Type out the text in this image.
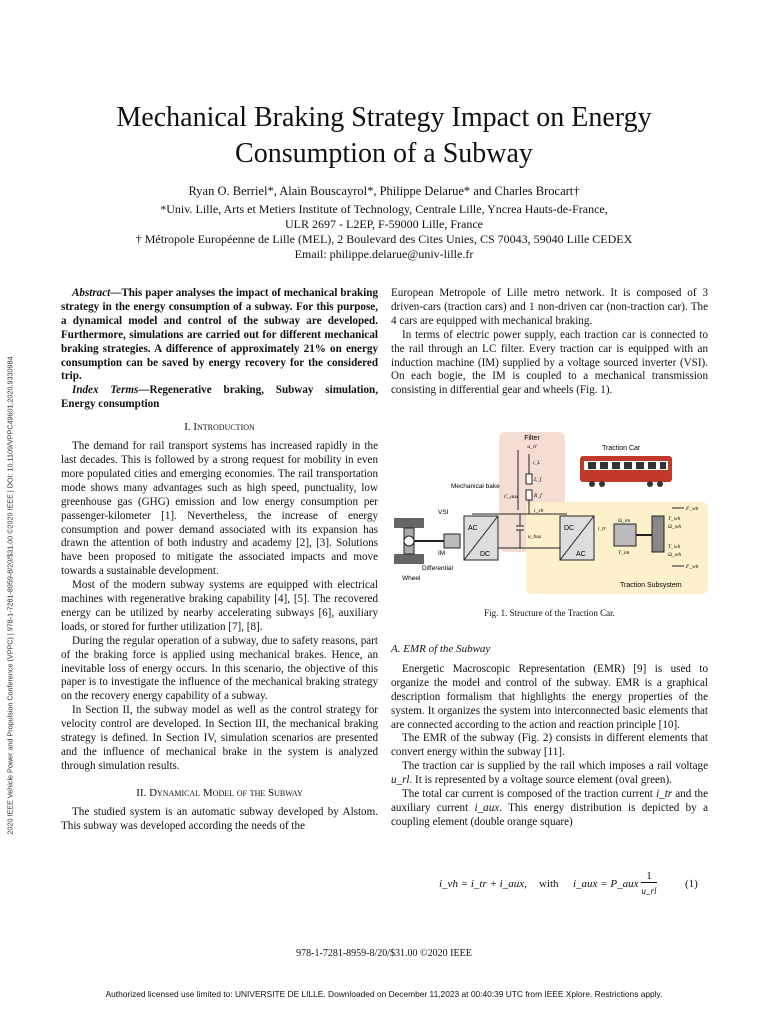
2020 IEEE Vehicle Power and Propulsion Conference (VPPC) | 978-1-7281-8959-8/20/$31.00 ©2020 IEEE | DOI: 10.1109/VPPC49601.2020.9330984
Mechanical Braking Strategy Impact on Energy
Consumption of a Subway
Ryan O. Berriel*, Alain Bouscayrol*, Philippe Delarue* and Charles Brocart†
*Univ. Lille, Arts et Metiers Institute of Technology, Centrale Lille, Yncrea Hauts-de-France,
ULR 2697 - L2EP, F-59000 Lille, France
† Métropole Européenne de Lille (MEL), 2 Boulevard des Cites Unies, CS 70043, 59040 Lille CEDEX
Email: philippe.delarue@univ-lille.fr

Abstract—This paper analyses the impact of mechanical braking strategy in the energy consumption of a subway. For this purpose, a dynamical model and control of the subway are developed. Furthermore, simulations are carried out for different mechanical braking strategies. A difference of approximately 21% on energy consumption can be saved by energy recovery for the considered trip.

Index Terms—Regenerative braking, Subway simulation, Energy consumption

I. Introduction

The demand for rail transport systems has increased rapidly in the last decades. This is followed by a strong request for mobility in even more populated cities and emerging economies. The rail transportation mode shows many advantages such as high speed, punctuality, low greenhouse gas (GHG) emission and low energy consumption per passenger-kilometer [1]. Nevertheless, the increase of energy consumption and power demand associated with its expansion has drawn the attention of both industry and academy [2], [3]. Solutions have been proposed to mitigate the associated impacts and move towards a sustainable development.

Most of the modern subway systems are equipped with electrical machines with regenerative braking capability [4], [5]. The recovered energy can be utilized by nearby accelerating subways [6], auxiliary loads, or stored for further utilization [7], [8].

During the regular operation of a subway, due to safety reasons, part of the braking force is applied using mechanical brakes. Hence, an inevitable loss of energy occurs. In this scenario, the objective of this paper is to investigate the influence of the mechanical braking strategy on the recovery energy capability of a subway.

In Section II, the subway model as well as the control strategy for velocity control are developed. In Section III, the mechanical braking strategy is defined. In Section IV, simulation scenarios are presented and the influence of mechanical brake in the system is analyzed through simulation results.

II. Dynamical Model of the Subway

The studied system is an automatic subway developed by Alstom. This subway was developed according the needs of the

European Metropole of Lille metro network. It is composed of 3 driven-cars (traction cars) and 1 non-driven car (non-traction car). The 4 cars are equipped with mechanical braking.

In terms of electric power supply, each traction car is connected to the rail through an LC filter. Every traction car is equipped with an induction machine (IM) supplied by a voltage sourced inverter (VSI). On each bogie, the IM is coupled to a mechanical transmission consisting in differential gear and wheels (Fig. 1).

Filter
u_rl	Traction Car
i_L
L_f
R_f
C_aux
i_vh
u_bus
Mechanical bake
VSI
AC
DC
DC
AC
i_tr
Ω_im
T_im
T_wh
Ω_wh
T_wh
Ω_wh
F_wh
F_wh
IM
Differential
Wheel
Traction Subsystem
Fig. 1. Structure of the Traction Car.

A. EMR of the Subway

Energetic Macroscopic Representation (EMR) [9] is used to organize the model and control of the subway. EMR is a graphical description formalism that highlights the energy properties of the system. It organizes the system into interconnected basic elements that are connected according to the action and reaction principle [10].

The EMR of the subway (Fig. 2) consists in different elements that convert energy within the subway [11].

The traction car is supplied by the rail which imposes a rail voltage u_rl. It is represented by a voltage source element (oval green).

The total car current is composed of the traction current i_tr and the auxiliary current i_aux. This energy distribution is depicted by a coupling element (double orange square)

i_vh = i_tr + i_aux, with i_aux = P_aux
1
u_rl
(1)
978-1-7281-8959-8/20/$31.00 ©2020 IEEE
Authorized licensed use limited to: UNIVERSITE DE LILLE. Downloaded on December 11,2023 at 00:40:39 UTC from IEEE Xplore. Restrictions apply.
